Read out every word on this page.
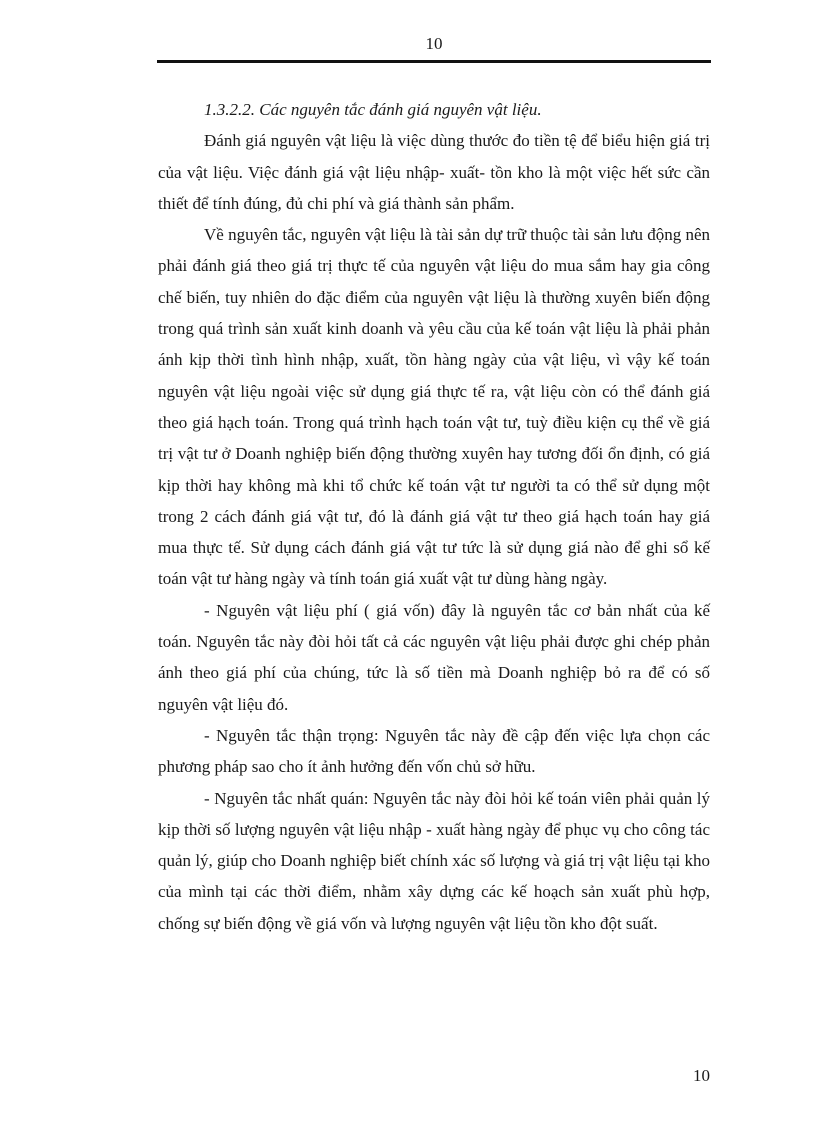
10

1.3.2.2. Các nguyên tắc đánh giá nguyên vật liệu.

Đánh giá nguyên vật liệu là việc dùng thước đo tiền tệ để biểu hiện giá trị của vật liệu. Việc đánh giá vật liệu nhập- xuất- tồn kho là một việc hết sức cần thiết để tính đúng, đủ chi phí và giá thành sản phẩm.

Về nguyên tắc, nguyên vật liệu là tài sản dự trữ thuộc tài sản lưu động nên phải đánh giá theo giá trị thực tế của nguyên vật liệu do mua sắm hay gia công chế biến, tuy nhiên do đặc điểm của nguyên vật liệu là thường xuyên biến động trong quá trình sản xuất kinh doanh và yêu cầu của kế toán vật liệu là phải phản ánh kịp thời tình hình nhập, xuất, tồn hàng ngày của vật liệu, vì vậy kế toán nguyên vật liệu ngoài việc sử dụng giá thực tế ra, vật liệu còn có thể đánh giá theo giá hạch toán. Trong quá trình hạch toán vật tư, tuỳ điều kiện cụ thể về giá trị vật tư ở Doanh nghiệp biến động thường xuyên hay tương đối ổn định, có giá kịp thời hay không mà khi tổ chức kế toán vật tư người ta có thể sử dụng một trong 2 cách đánh giá vật tư, đó là đánh giá vật tư theo giá hạch toán hay giá mua thực tế. Sử dụng cách đánh giá vật tư tức là sử dụng giá nào để ghi sổ kế toán vật tư hàng ngày và tính toán giá xuất vật tư dùng hàng ngày.

- Nguyên vật liệu phí ( giá vốn) đây là nguyên tắc cơ bản nhất của kế toán. Nguyên tắc này đòi hỏi tất cả các nguyên vật liệu phải được ghi chép phản ánh theo giá phí của chúng, tức là số tiền mà Doanh nghiệp bỏ ra để có số nguyên vật liệu đó.

- Nguyên tắc thận trọng: Nguyên tắc này đề cập đến việc lựa chọn các phương pháp sao cho ít ảnh hưởng đến vốn chủ sở hữu.

- Nguyên tắc nhất quán: Nguyên tắc này đòi hỏi kế toán viên phải quản lý kịp thời số lượng nguyên vật liệu nhập - xuất hàng ngày để phục vụ cho công tác quản lý, giúp cho Doanh nghiệp biết chính xác số lượng và giá trị vật liệu tại kho của mình tại các thời điểm, nhằm xây dựng các kế hoạch sản xuất phù hợp, chống sự biến động về giá vốn và lượng nguyên vật liệu tồn kho đột suất.

10
